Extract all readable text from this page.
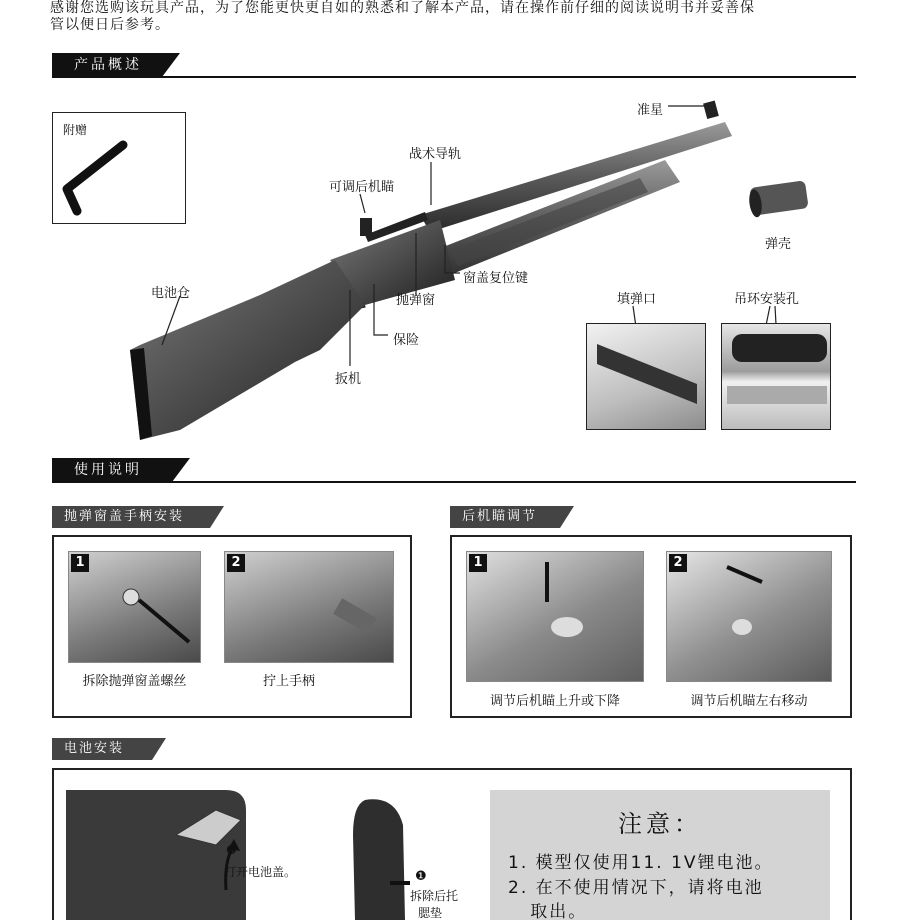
感谢您选购该玩具产品，为了您能更快更自如的熟悉和了解本产品，请在操作前仔细的阅读说明书并妥善保
管以便日后参考。
产品概述
附赠
准星
战术导轨
可调后机瞄
弹壳
电池仓
窗盖复位键
抛弹窗
保险
扳机
填弹口	吊环安装孔
使用说明
抛弹窗盖手柄安装
1	2
拆除抛弹窗盖螺丝	拧上手柄
后机瞄调节
1	2
调节后机瞄上升或下降	调节后机瞄左右移动
电池安装
❷
打开电池盖。	❶
拆除后托
腮垫
注意：
1. 模型仅使用11. 1V锂电池。
2. 在不使用情况下，请将电池
取出。
